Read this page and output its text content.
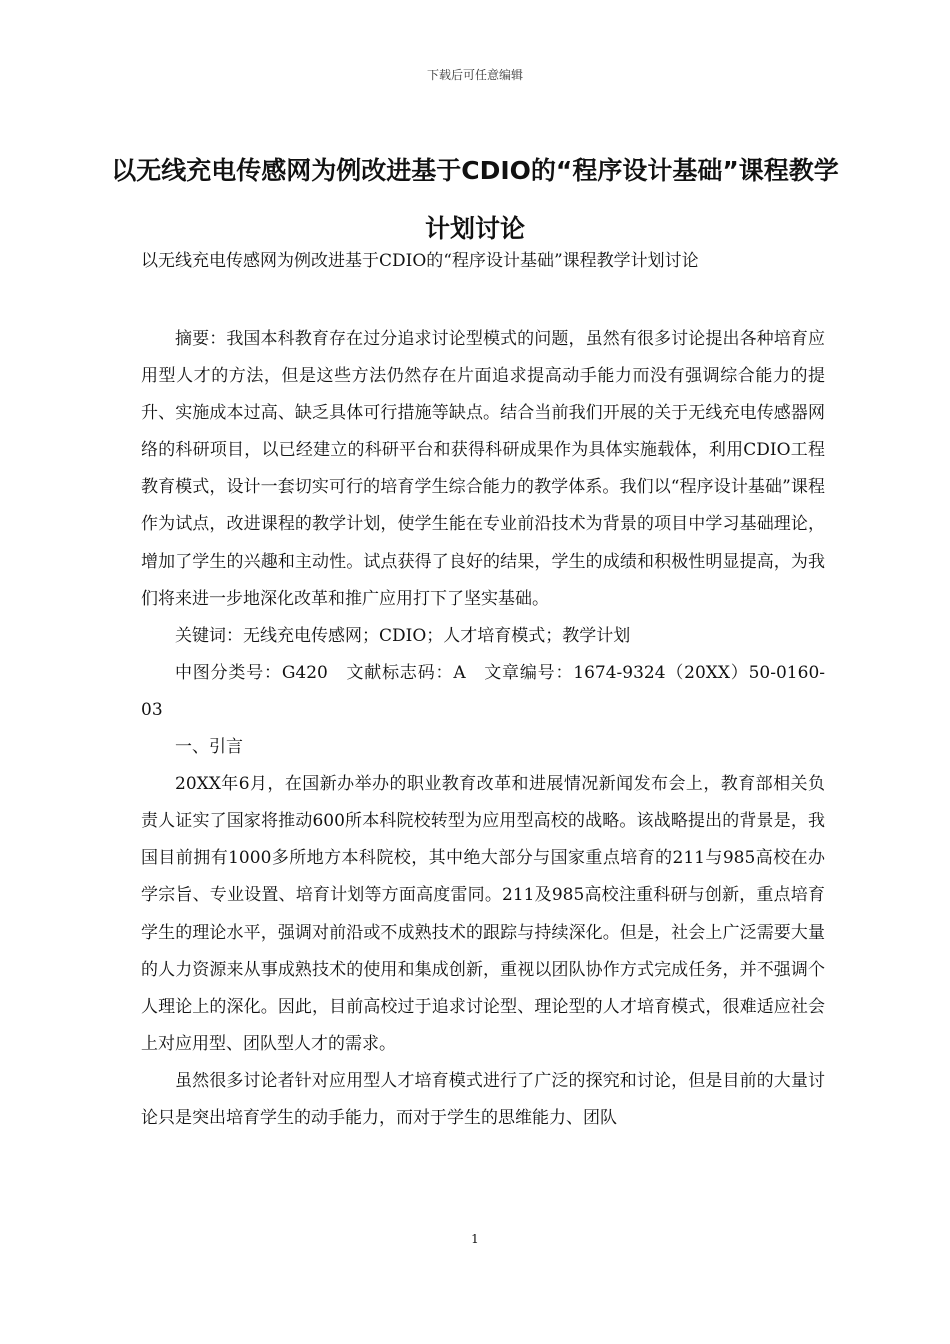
下载后可任意编辑
以无线充电传感网为例改进基于CDIO的“程序设计基础”课程教学计划讨论
以无线充电传感网为例改进基于CDIO的“程序设计基础”课程教学计划讨论

摘要：我国本科教育存在过分追求讨论型模式的问题，虽然有很多讨论提出各种培育应用型人才的方法，但是这些方法仍然存在片面追求提高动手能力而没有强调综合能力的提升、实施成本过高、缺乏具体可行措施等缺点。结合当前我们开展的关于无线充电传感器网络的科研项目，以已经建立的科研平台和获得科研成果作为具体实施载体，利用CDIO工程教育模式，设计一套切实可行的培育学生综合能力的教学体系。我们以“程序设计基础”课程作为试点，改进课程的教学计划，使学生能在专业前沿技术为背景的项目中学习基础理论，增加了学生的兴趣和主动性。试点获得了良好的结果，学生的成绩和积极性明显提高，为我们将来进一步地深化改革和推广应用打下了坚实基础。

关键词：无线充电传感网；CDIO；人才培育模式；教学计划

中图分类号：G420　文献标志码：A　文章编号：1674-9324（20XX）50-0160-03

一、引言

20XX年6月，在国新办举办的职业教育改革和进展情况新闻发布会上，教育部相关负责人证实了国家将推动600所本科院校转型为应用型高校的战略。该战略提出的背景是，我国目前拥有1000多所地方本科院校，其中绝大部分与国家重点培育的211与985高校在办学宗旨、专业设置、培育计划等方面高度雷同。211及985高校注重科研与创新，重点培育学生的理论水平，强调对前沿或不成熟技术的跟踪与持续深化。但是，社会上广泛需要大量的人力资源来从事成熟技术的使用和集成创新，重视以团队协作方式完成任务，并不强调个人理论上的深化。因此，目前高校过于追求讨论型、理论型的人才培育模式，很难适应社会上对应用型、团队型人才的需求。

虽然很多讨论者针对应用型人才培育模式进行了广泛的探究和讨论，但是目前的大量讨论只是突出培育学生的动手能力，而对于学生的思维能力、团队

1
